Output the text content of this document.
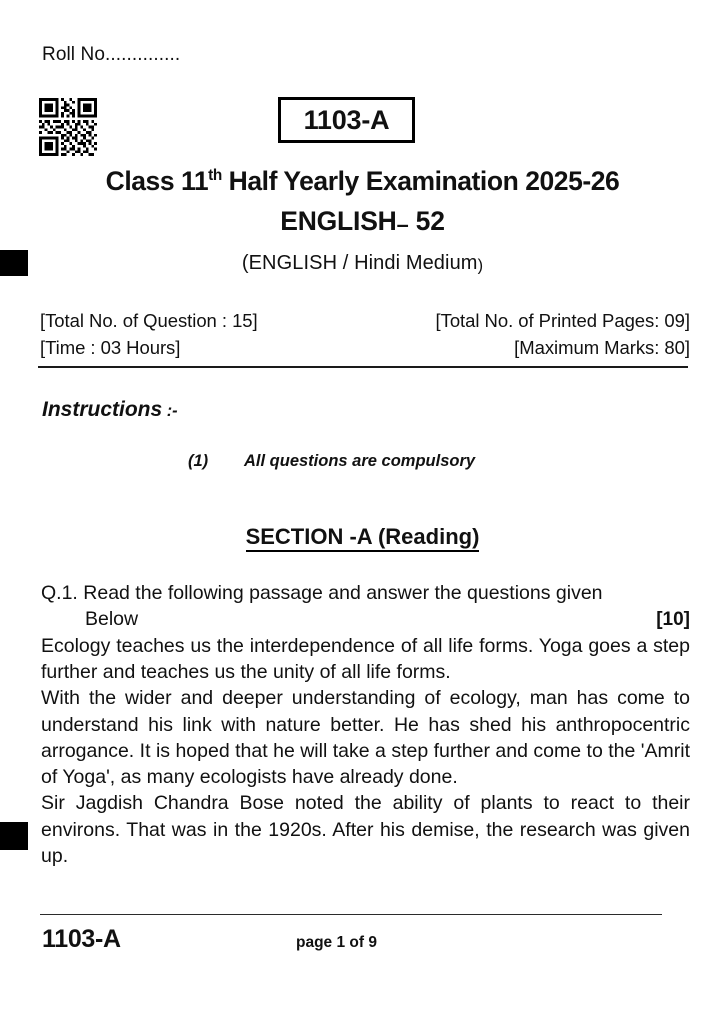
Roll No..............
1103-A
Class 11th Half Yearly Examination 2025-26
ENGLISH– 52
(ENGLISH / Hindi Medium)
[Total No. of Question : 15]	[Total No. of Printed Pages: 09]
[Time : 03 Hours]	[Maximum Marks: 80]
Instructions :-
(1) All questions are compulsory
SECTION -A (Reading)
Q.1. Read the following passage and answer the questions given
Below	[10]

Ecology teaches us the interdependence of all life forms. Yoga goes a step further and teaches us the unity of all life forms.

With the wider and deeper understanding of ecology, man has come to understand his link with nature better. He has shed his anthropocentric arrogance. It is hoped that he will take a step further and come to the 'Amrit of Yoga', as many ecologists have already done.

Sir Jagdish Chandra Bose noted the ability of plants to react to their environs. That was in the 1920s. After his demise, the research was given up.

1103-A	page 1 of 9
